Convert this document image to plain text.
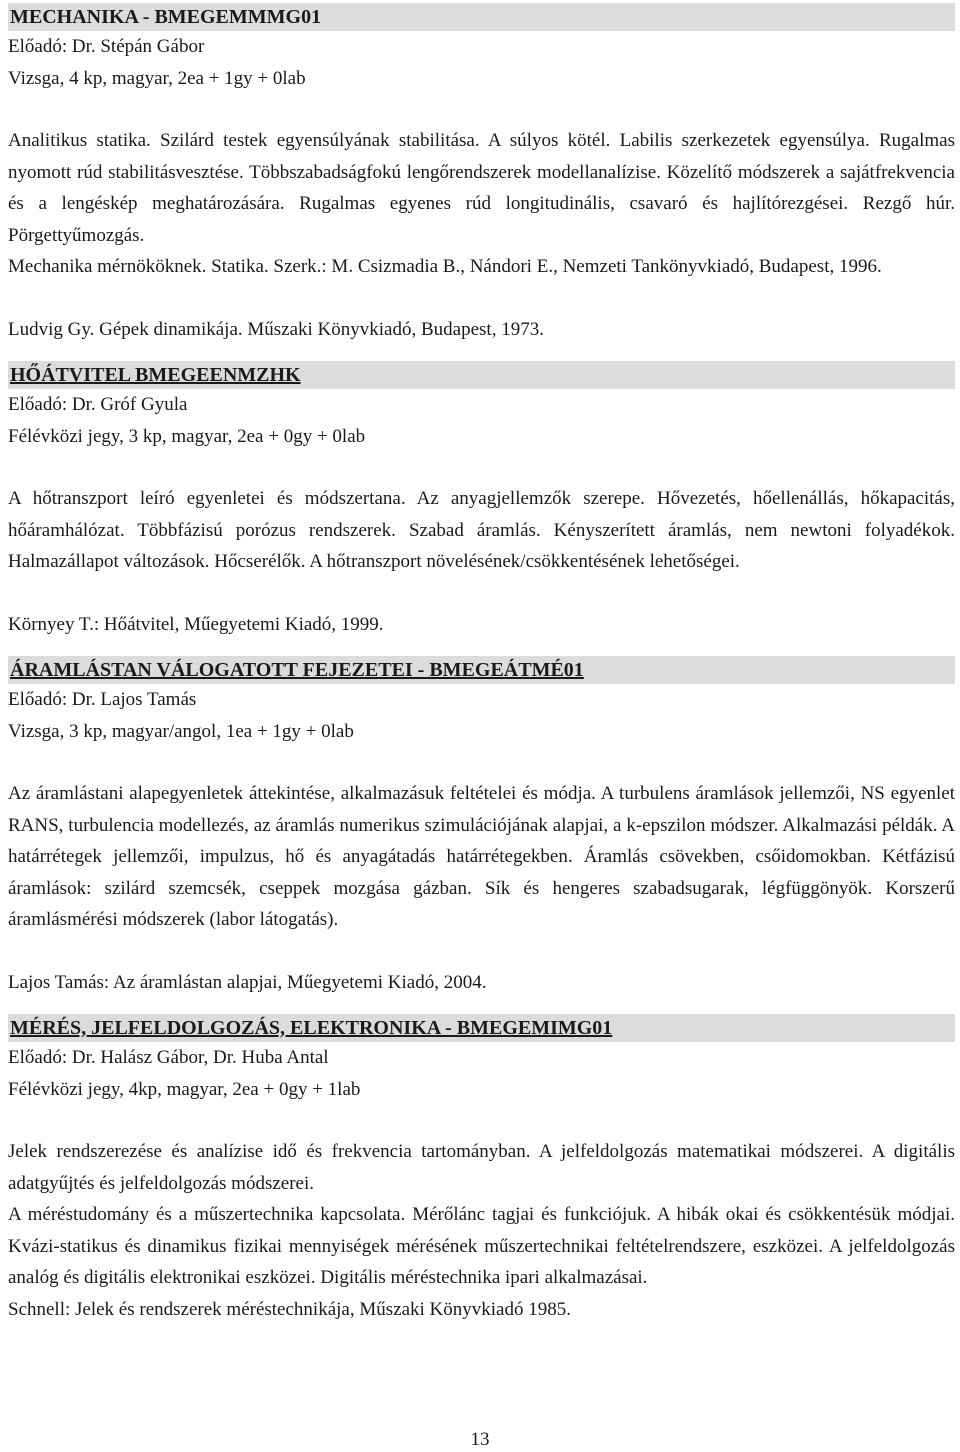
MECHANIKA - BMEGEMMMG01

Előadó: Dr. Stépán Gábor

Vizsga, 4 kp, magyar, 2ea + 1gy + 0lab

Analitikus statika. Szilárd testek egyensúlyának stabilitása. A súlyos kötél. Labilis szerkezetek egyensúlya. Rugalmas nyomott rúd stabilitásvesztése. Többszabadságfokú lengőrendszerek modellanalízise. Közelítő módszerek a sajátfrekvencia és a lengéskép meghatározására. Rugalmas egyenes rúd longitudinális, csavaró és hajlítórezgései. Rezgő húr. Pörgettyűmozgás.

Mechanika mérnököknek. Statika. Szerk.: M. Csizmadia B., Nándori E., Nemzeti Tankönyvkiadó, Budapest, 1996.

Ludvig Gy. Gépek dinamikája. Műszaki Könyvkiadó, Budapest, 1973.

HŐÁTVITEL BMEGEENMZHK

Előadó: Dr. Gróf Gyula

Félévközi jegy, 3 kp, magyar, 2ea + 0gy + 0lab

A hőtranszport leíró egyenletei és módszertana. Az anyagjellemzők szerepe. Hővezetés, hőellenállás, hőkapacitás, hőáramhálózat. Többfázisú porózus rendszerek. Szabad áramlás. Kényszerített áramlás, nem newtoni folyadékok. Halmazállapot változások. Hőcserélők. A hőtranszport növelésének/csökkentésének lehetőségei.

Környey T.: Hőátvitel, Műegyetemi Kiadó, 1999.

ÁRAMLÁSTAN VÁLOGATOTT FEJEZETEI - BMEGEÁTMÉ01

Előadó: Dr. Lajos Tamás

Vizsga, 3 kp, magyar/angol, 1ea + 1gy + 0lab

Az áramlástani alapegyenletek áttekintése, alkalmazásuk feltételei és módja. A turbulens áramlások jellemzői, NS egyenlet RANS, turbulencia modellezés, az áramlás numerikus szimulációjának alapjai, a k-epszilon módszer. Alkalmazási példák. A határrétegek jellemzői, impulzus, hő és anyagátadás határrétegekben. Áramlás csövekben, csőidomokban. Kétfázisú áramlások: szilárd szemcsék, cseppek mozgása gázban. Sík és hengeres szabadsugarak, légfüggönyök. Korszerű áramlásmérési módszerek (labor látogatás).

Lajos Tamás: Az áramlástan alapjai, Műegyetemi Kiadó, 2004.

MÉRÉS, JELFELDOLGOZÁS, ELEKTRONIKA - BMEGEMIMG01

Előadó: Dr. Halász Gábor, Dr. Huba Antal

Félévközi jegy, 4kp, magyar, 2ea + 0gy + 1lab

Jelek rendszerezése és analízise idő és frekvencia tartományban. A jelfeldolgozás matematikai módszerei. A digitális adatgyűjtés és jelfeldolgozás módszerei.

A méréstudomány és a műszertechnika kapcsolata. Mérőlánc tagjai és funkciójuk. A hibák okai és csökkentésük módjai. Kvázi-statikus és dinamikus fizikai mennyiségek mérésének műszertechnikai feltételrendszere, eszközei. A jelfeldolgozás analóg és digitális elektronikai eszközei. Digitális méréstechnika ipari alkalmazásai.

Schnell: Jelek és rendszerek méréstechnikája, Műszaki Könyvkiadó 1985.

13
